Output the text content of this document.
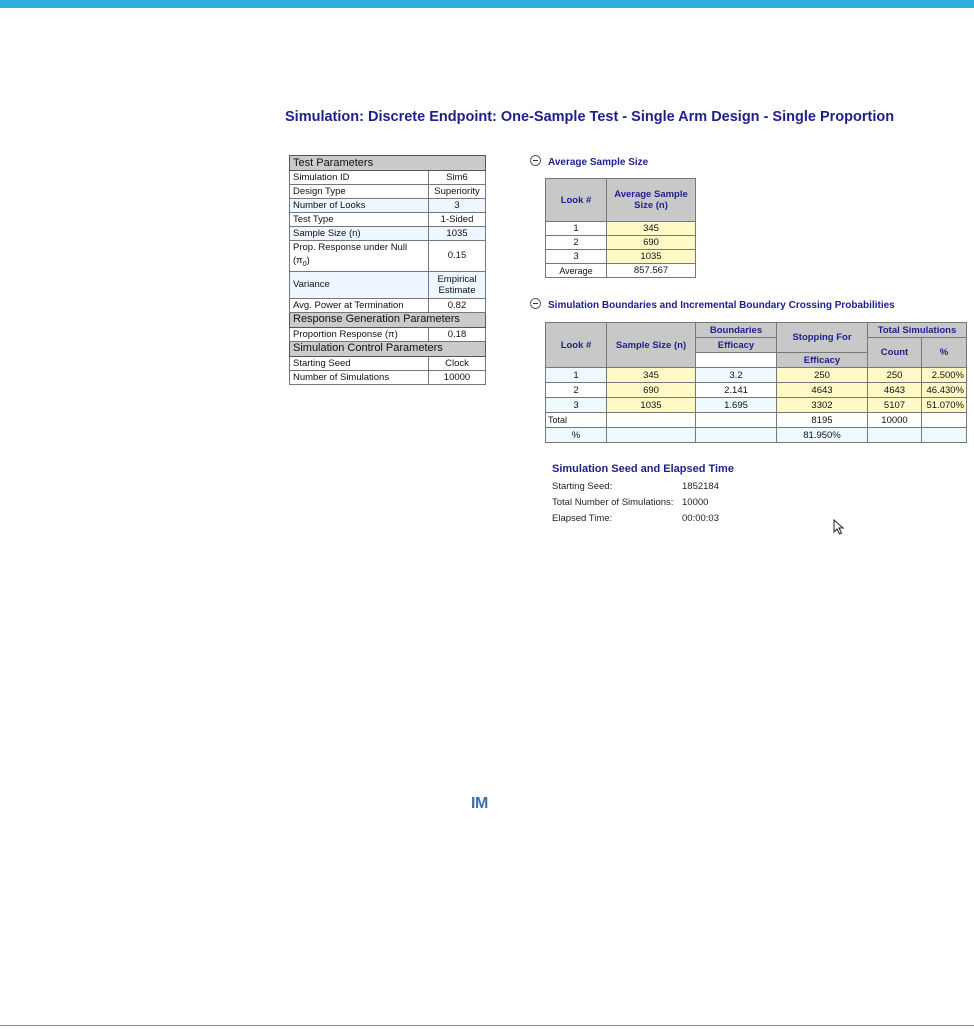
Simulation: Discrete Endpoint: One-Sample Test - Single Arm Design - Single Proportion
Test Parameters	
Simulation ID	Sim6
Design Type	Superiority
Number of Looks	3
Test Type	1-Sided
Sample Size (n)	1035
Prop. Response under Null $(\pi_0)$	0.15
Variance	Empirical Estimate
Avg. Power at Termination	0.82
Response Generation Parameters	
Proportion Response (π)	0.18
Simulation Control Parameters	
Starting Seed	Clock
Number of Simulations	10000
Average Sample Size
Look #	Average Sample Size (n)
1	345
2	690
3	1035
Average	857.567
Simulation Boundaries and Incremental Boundary Crossing Probabilities
Look #	Sample Size (n)	Boundaries	Stopping For	Total Simulations	
		Efficacy		Count	%
			Efficacy		
1	345	3.2	250	250	2.500%
2	690	2.141	4643	4643	46.430%
3	1035	1.695	3302	5107	51.070%
Total			8195	10000	
%			81.950%		
Simulation Seed and Elapsed Time
Starting Seed:	1852184
Total Number of Simulations: 10000
Elapsed Time:	00:00:03
IM
